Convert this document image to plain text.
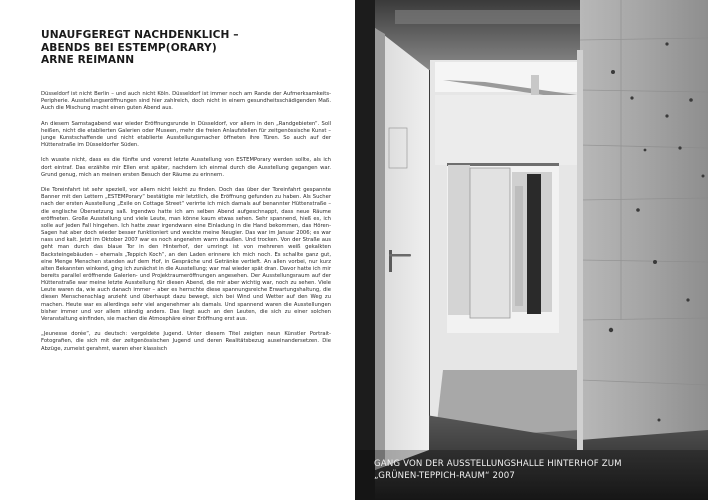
UNAUFGEREGT NACHDENKLICH –
ABENDS BEI ESTEMP(ORARY)
ARNE REIMANN

Düsseldorf ist nicht Berlin – und auch nicht Köln. Düsseldorf ist immer noch am Rande der Aufmerksamkeits-Peripherie. Ausstellungseröffnungen sind hier zahlreich, doch nicht in einem gesundheitsschädigenden Maß. Auch die Mischung macht einen guten Abend aus.

An diesem Samstagabend war wieder Eröffnungsrunde in Düsseldorf, vor allem in den „Randgebieten“. Soll heißen, nicht die etablierten Galerien oder Museen, mehr die freien Anlaufstellen für zeitgenössische Kunst – junge Kunstschaffende und nicht etablierte Ausstellungsmacher öffneten ihre Türen. So auch auf der Hüttenstraße im Düsseldorfer Süden.

Ich wusste nicht, dass es die fünfte und vorerst letzte Ausstellung von ESTEMPorary werden sollte, als ich dort eintraf. Das erzählte mir Ellen erst später, nachdem ich einmal durch die Ausstellung gegangen war. Grund genug, mich an meinen ersten Besuch der Räume zu erinnern.

Die Toreinfahrt ist sehr speziell, vor allem nicht leicht zu finden. Doch das über der Toreinfahrt gespannte Banner mit den Lettern „ESTEMPorary“ bestätigte mir letztlich, die Eröffnung gefunden zu haben. Als Sucher nach der ersten Ausstellung „Exile on Cottage Street“ verirrte ich mich damals auf benannter Hüttenstraße – die englische Übersetzung saß. Irgendwo hatte ich am selben Abend aufgeschnappt, dass neue Räume eröffneten. Große Ausstellung und viele Leute, man könne kaum etwas sehen. Sehr spannend, hieß es, ich solle auf jeden Fall hingehen. Ich hatte zwar irgendwann eine Einladung in die Hand bekommen, das Hören-Sagen hat aber doch wieder besser funktioniert und weckte meine Neugier. Das war im Januar 2006; es war nass und kalt. Jetzt im Oktober 2007 war es noch angenehm warm draußen. Und trocken. Von der Straße aus geht man durch das blaue Tor in den Hinterhof, der umringt ist von mehreren weiß gekalkten Backsteingebäuden – ehemals „Teppich Koch“, an den Laden erinnere ich mich noch. Es schallte ganz gut, eine Menge Menschen standen auf dem Hof, in Gespräche und Getränke vertieft. An allen vorbei, nur kurz alten Bekannten winkend, ging ich zunächst in die Ausstellung; war mal wieder spät dran. Davor hatte ich mir bereits parallel eröffnende Galerien- und Projektraumeröffnungen angesehen. Der Ausstellungsraum auf der Hüttenstraße war meine letzte Ausstellung für diesen Abend, die mir aber wichtig war, noch zu sehen. Viele Leute waren da, wie auch danach immer – aber es herrschte diese spannungsreiche Erwartungshaltung, die diesen Menschenschlag anzieht und überhaupt dazu bewegt, sich bei Wind und Wetter auf den Weg zu machen. Heute war es allerdings sehr viel angenehmer als damals. Und spannend waren die Ausstellungen bisher immer und vor allem ständig anders. Das liegt auch an den Leuten, die sich zu einer solchen Veranstaltung einfinden, sie machen die Atmosphäre einer Eröffnung erst aus.

„Jeunesse dorée“, zu deutsch: vergoldete Jugend. Unter diesem Titel zeigten neun Künstler Portrait-Fotografien, die sich mit der zeitgenössischen Jugend und deren Realitätsbezug auseinandersetzen. Die Abzüge, zumeist gerahmt, waren eher klassisch

GANG VON DER AUSSTELLUNGSHALLE HINTERHOF ZUM
„GRÜNEN-TEPPICH-RAUM“ 2007
